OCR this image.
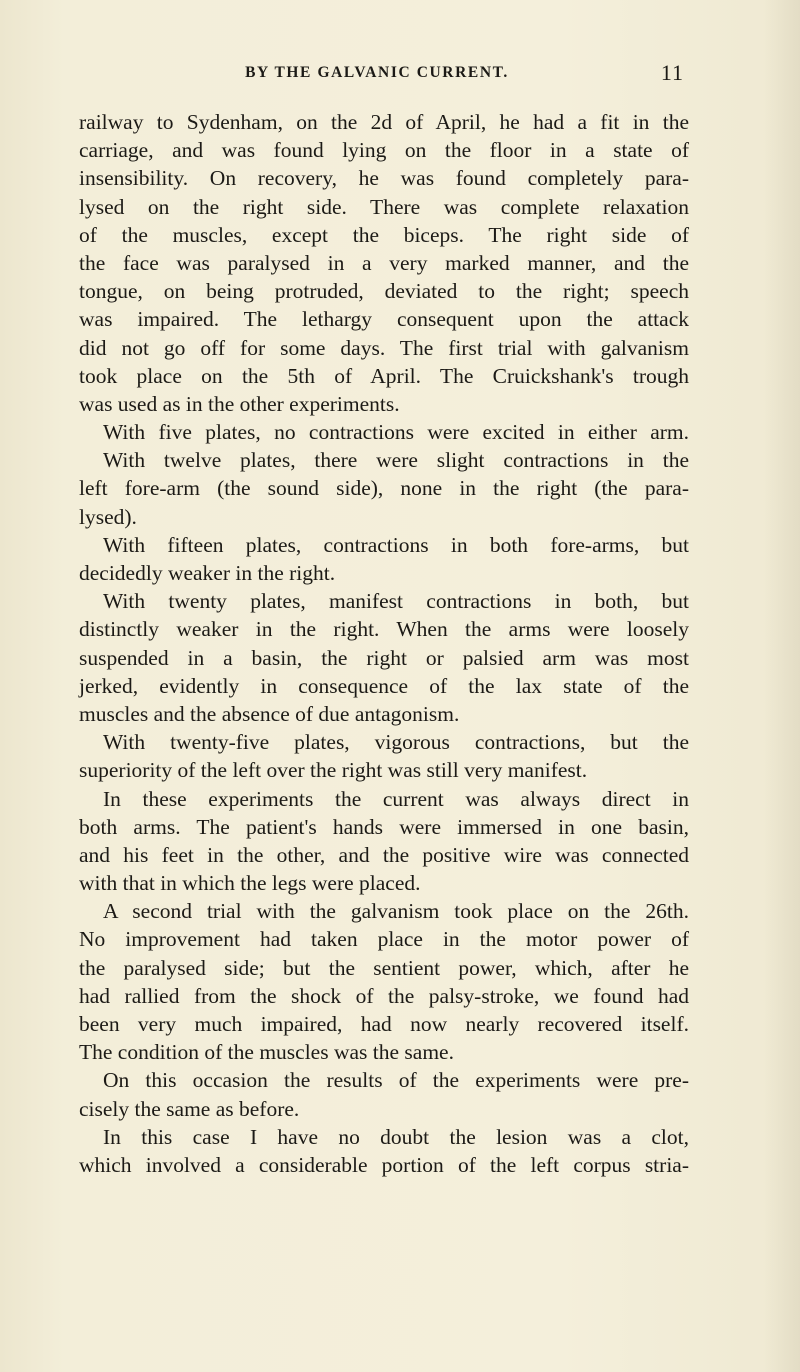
BY THE GALVANIC CURRENT.	11
railway to Sydenham, on the 2d of April, he had a fit in the
carriage, and was found lying on the floor in a state of
insensibility. On recovery, he was found completely para-
lysed on the right side. There was complete relaxation
of the muscles, except the biceps. The right side of
the face was paralysed in a very marked manner, and the
tongue, on being protruded, deviated to the right; speech
was impaired. The lethargy consequent upon the attack
did not go off for some days. The first trial with galvanism
took place on the 5th of April. The Cruickshank's trough
was used as in the other experiments.
With five plates, no contractions were excited in either arm.
With twelve plates, there were slight contractions in the
left fore-arm (the sound side), none in the right (the para-
lysed).
With fifteen plates, contractions in both fore-arms, but
decidedly weaker in the right.
With twenty plates, manifest contractions in both, but
distinctly weaker in the right. When the arms were loosely
suspended in a basin, the right or palsied arm was most
jerked, evidently in consequence of the lax state of the
muscles and the absence of due antagonism.
With twenty-five plates, vigorous contractions, but the
superiority of the left over the right was still very manifest.
In these experiments the current was always direct in
both arms. The patient's hands were immersed in one basin,
and his feet in the other, and the positive wire was connected
with that in which the legs were placed.
A second trial with the galvanism took place on the 26th.
No improvement had taken place in the motor power of
the paralysed side; but the sentient power, which, after he
had rallied from the shock of the palsy-stroke, we found had
been very much impaired, had now nearly recovered itself.
The condition of the muscles was the same.
On this occasion the results of the experiments were pre-
cisely the same as before.
In this case I have no doubt the lesion was a clot,
which involved a considerable portion of the left corpus stria-
